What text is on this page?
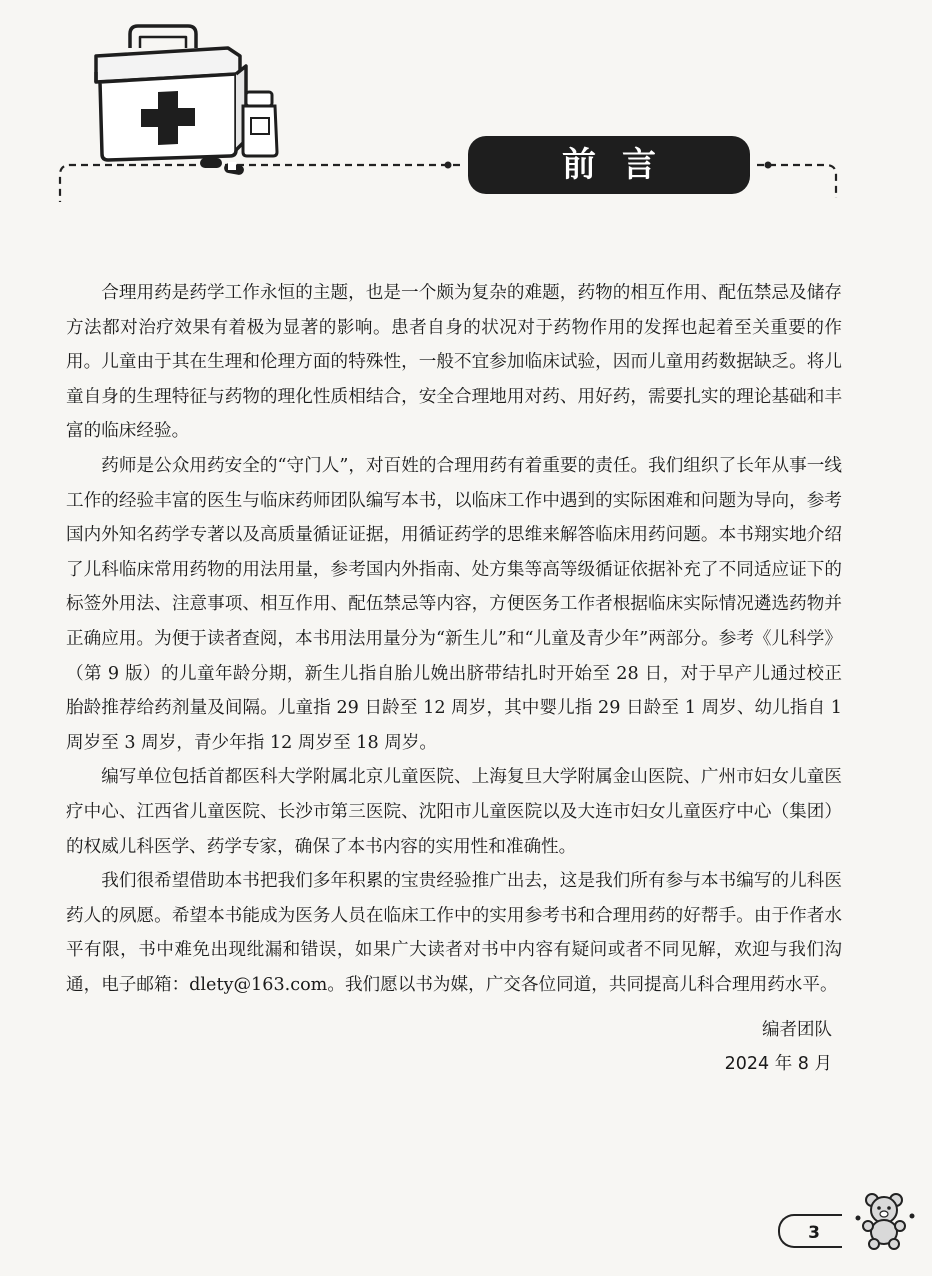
前言

合理用药是药学工作永恒的主题，也是一个颇为复杂的难题，药物的相互作用、配伍禁忌及储存方法都对治疗效果有着极为显著的影响。患者自身的状况对于药物作用的发挥也起着至关重要的作用。儿童由于其在生理和伦理方面的特殊性，一般不宜参加临床试验，因而儿童用药数据缺乏。将儿童自身的生理特征与药物的理化性质相结合，安全合理地用对药、用好药，需要扎实的理论基础和丰富的临床经验。

药师是公众用药安全的“守门人”，对百姓的合理用药有着重要的责任。我们组织了长年从事一线工作的经验丰富的医生与临床药师团队编写本书，以临床工作中遇到的实际困难和问题为导向，参考国内外知名药学专著以及高质量循证证据，用循证药学的思维来解答临床用药问题。本书翔实地介绍了儿科临床常用药物的用法用量，参考国内外指南、处方集等高等级循证依据补充了不同适应证下的标签外用法、注意事项、相互作用、配伍禁忌等内容，方便医务工作者根据临床实际情况遴选药物并正确应用。为便于读者查阅，本书用法用量分为“新生儿”和“儿童及青少年”两部分。参考《儿科学》（第 9 版）的儿童年龄分期，新生儿指自胎儿娩出脐带结扎时开始至 28 日，对于早产儿通过校正胎龄推荐给药剂量及间隔。儿童指 29 日龄至 12 周岁，其中婴儿指 29 日龄至 1 周岁、幼儿指自 1 周岁至 3 周岁，青少年指 12 周岁至 18 周岁。

编写单位包括首都医科大学附属北京儿童医院、上海复旦大学附属金山医院、广州市妇女儿童医疗中心、江西省儿童医院、长沙市第三医院、沈阳市儿童医院以及大连市妇女儿童医疗中心（集团）的权威儿科医学、药学专家，确保了本书内容的实用性和准确性。

我们很希望借助本书把我们多年积累的宝贵经验推广出去，这是我们所有参与本书编写的儿科医药人的夙愿。希望本书能成为医务人员在临床工作中的实用参考书和合理用药的好帮手。由于作者水平有限，书中难免出现纰漏和错误，如果广大读者对书中内容有疑问或者不同见解，欢迎与我们沟通，电子邮箱：dlety@163.com。我们愿以书为媒，广交各位同道，共同提高儿科合理用药水平。

编者团队
2024 年 8 月
3
